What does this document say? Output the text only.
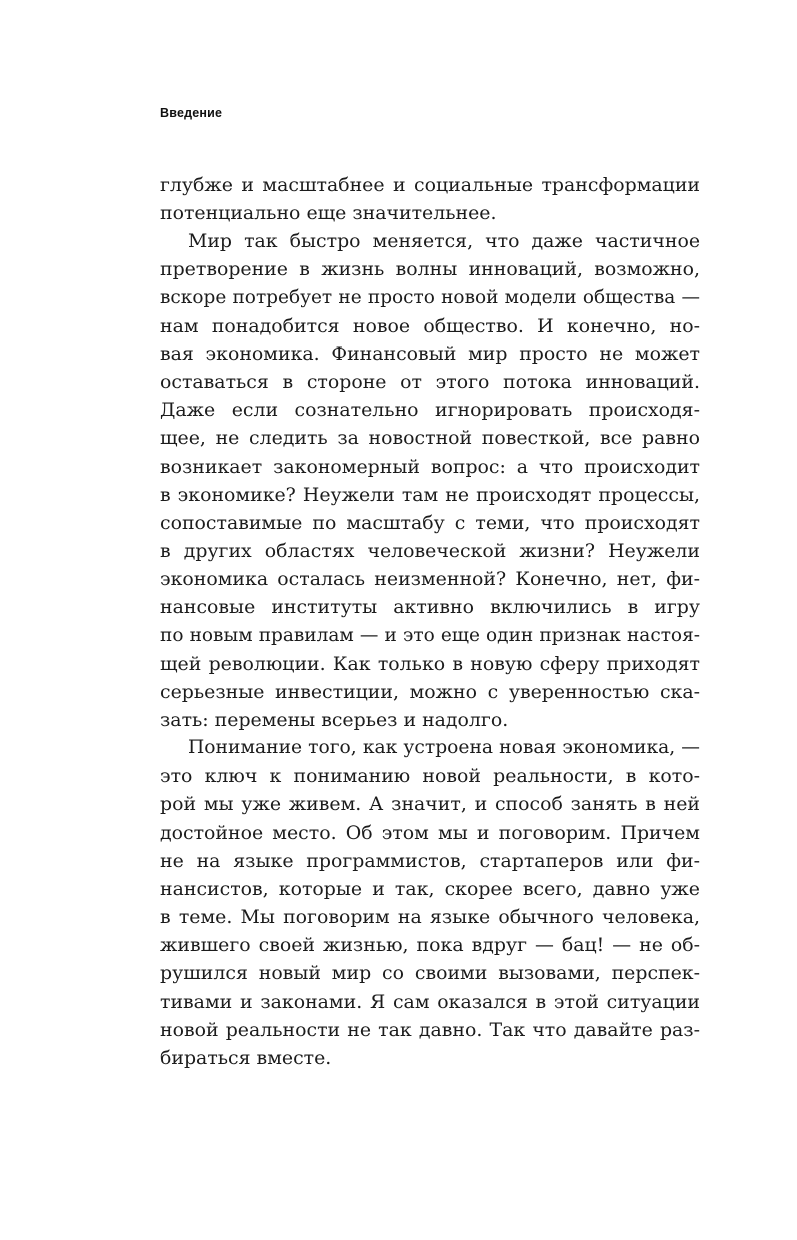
Введение
глубже и масштабнее и социальные трансформации
потенциально еще значительнее.
Мир так быстро меняется, что даже частичное
претворение в жизнь волны инноваций, возможно,
вскоре потребует не просто новой модели общества —
нам понадобится новое общество. И конечно, но-
вая экономика. Финансовый мир просто не может
оставаться в стороне от этого потока инноваций.
Даже если сознательно игнорировать происходя-
щее, не следить за новостной повесткой, все равно
возникает закономерный вопрос: а что происходит
в экономике? Неужели там не происходят процессы,
сопоставимые по масштабу с теми, что происходят
в других областях человеческой жизни? Неужели
экономика осталась неизменной? Конечно, нет, фи-
нансовые институты активно включились в игру
по новым правилам — и это еще один признак настоя-
щей революции. Как только в новую сферу приходят
серьезные инвестиции, можно с уверенностью ска-
зать: перемены всерьез и надолго.
Понимание того, как устроена новая экономика, —
это ключ к пониманию новой реальности, в кото-
рой мы уже живем. А значит, и способ занять в ней
достойное место. Об этом мы и поговорим. Причем
не на языке программистов, стартаперов или фи-
нансистов, которые и так, скорее всего, давно уже
в теме. Мы поговорим на языке обычного человека,
жившего своей жизнью, пока вдруг — бац! — не об-
рушился новый мир со своими вызовами, перспек-
тивами и законами. Я сам оказался в этой ситуации
новой реальности не так давно. Так что давайте раз-
бираться вместе.
